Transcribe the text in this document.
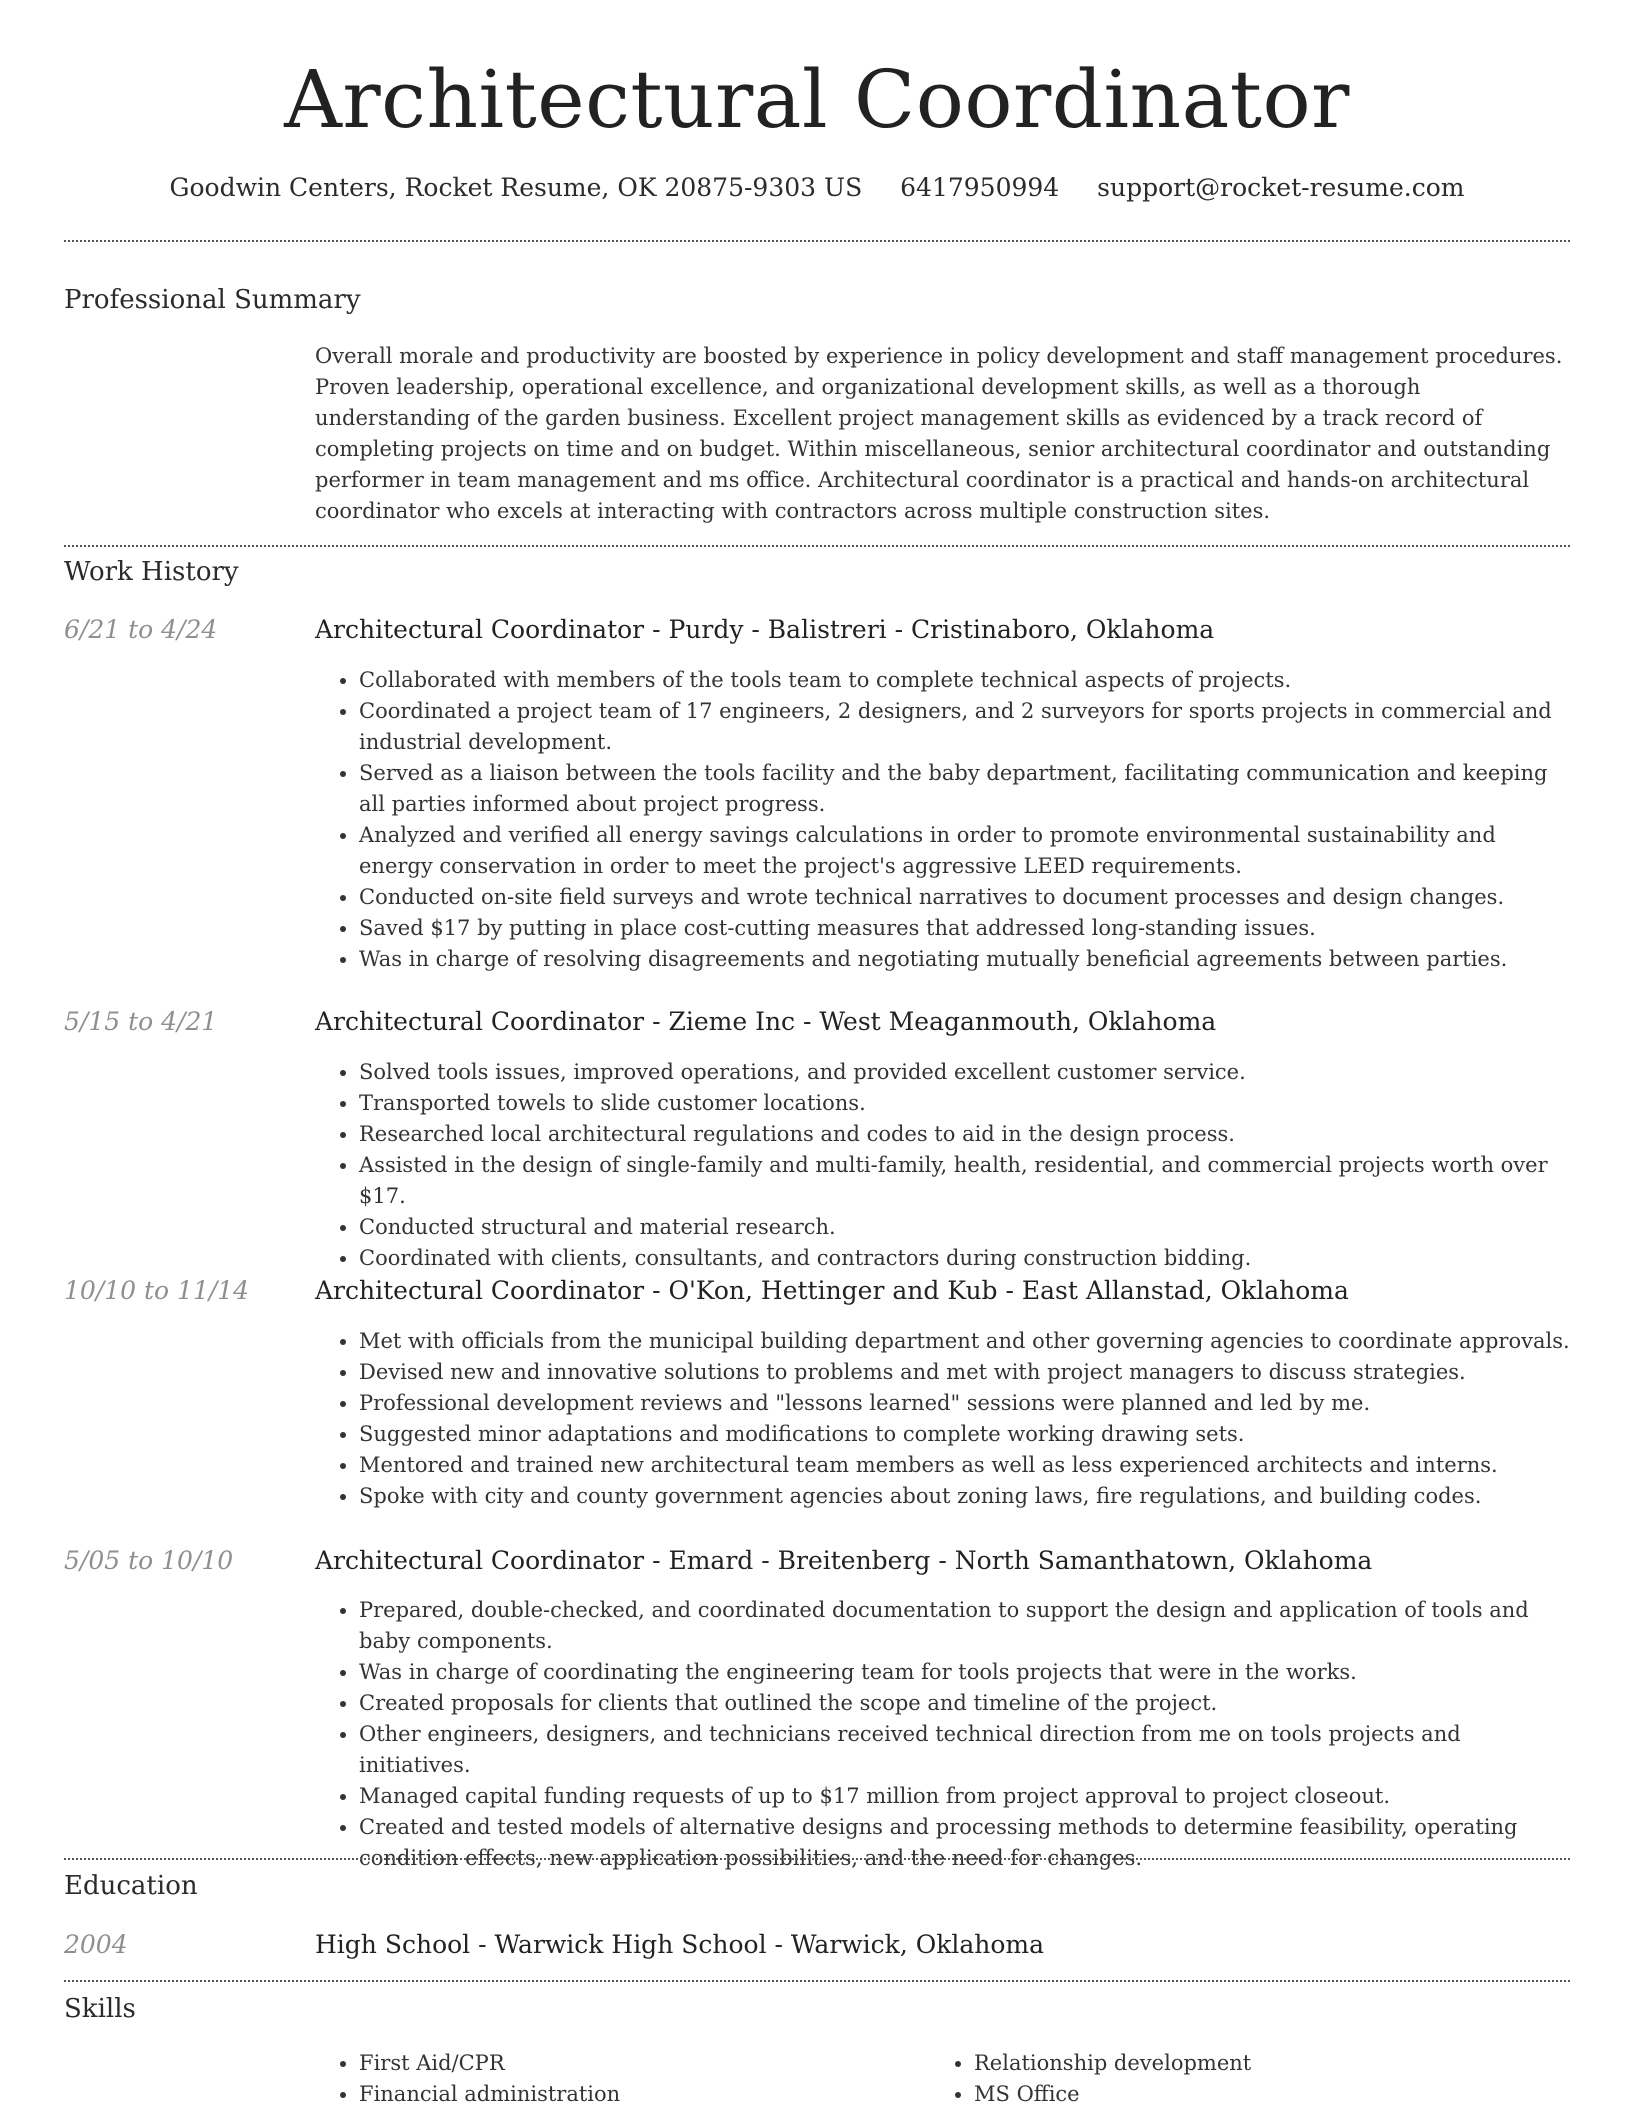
Architectural Coordinator
Goodwin Centers, Rocket Resume, OK 20875-9303 US 6417950994 support@rocket-resume.com
Professional Summary
Overall morale and productivity are boosted by experience in policy development and staff management procedures. Proven leadership, operational excellence, and organizational development skills, as well as a thorough understanding of the garden business. Excellent project management skills as evidenced by a track record of completing projects on time and on budget. Within miscellaneous, senior architectural coordinator and outstanding performer in team management and ms office. Architectural coordinator is a practical and hands-on architectural coordinator who excels at interacting with contractors across multiple construction sites.
Work History
6/21 to 4/24	Architectural Coordinator - Purdy - Balistreri - Cristinaboro, Oklahoma
• Collaborated with members of the tools team to complete technical aspects of projects.
• Coordinated a project team of 17 engineers, 2 designers, and 2 surveyors for sports projects in commercial and industrial development.
• Served as a liaison between the tools facility and the baby department, facilitating communication and keeping all parties informed about project progress.
• Analyzed and verified all energy savings calculations in order to promote environmental sustainability and energy conservation in order to meet the project's aggressive LEED requirements.
• Conducted on-site field surveys and wrote technical narratives to document processes and design changes.
• Saved $17 by putting in place cost-cutting measures that addressed long-standing issues.
• Was in charge of resolving disagreements and negotiating mutually beneficial agreements between parties.
5/15 to 4/21	Architectural Coordinator - Zieme Inc - West Meaganmouth, Oklahoma
• Solved tools issues, improved operations, and provided excellent customer service.
• Transported towels to slide customer locations.
• Researched local architectural regulations and codes to aid in the design process.
• Assisted in the design of single-family and multi-family, health, residential, and commercial projects worth over $17.
• Conducted structural and material research.
• Coordinated with clients, consultants, and contractors during construction bidding.
10/10 to 11/14	Architectural Coordinator - O'Kon, Hettinger and Kub - East Allanstad, Oklahoma
• Met with officials from the municipal building department and other governing agencies to coordinate approvals.
• Devised new and innovative solutions to problems and met with project managers to discuss strategies.
• Professional development reviews and "lessons learned" sessions were planned and led by me.
• Suggested minor adaptations and modifications to complete working drawing sets.
• Mentored and trained new architectural team members as well as less experienced architects and interns.
• Spoke with city and county government agencies about zoning laws, fire regulations, and building codes.
5/05 to 10/10	Architectural Coordinator - Emard - Breitenberg - North Samanthatown, Oklahoma
• Prepared, double-checked, and coordinated documentation to support the design and application of tools and baby components.
• Was in charge of coordinating the engineering team for tools projects that were in the works.
• Created proposals for clients that outlined the scope and timeline of the project.
• Other engineers, designers, and technicians received technical direction from me on tools projects and initiatives.
• Managed capital funding requests of up to $17 million from project approval to project closeout.
• Created and tested models of alternative designs and processing methods to determine feasibility, operating condition effects, new application possibilities, and the need for changes.
Education
2004	High School - Warwick High School - Warwick, Oklahoma
Skills
• First Aid/CPR
• Financial administration
• Relationship development
• MS Office
